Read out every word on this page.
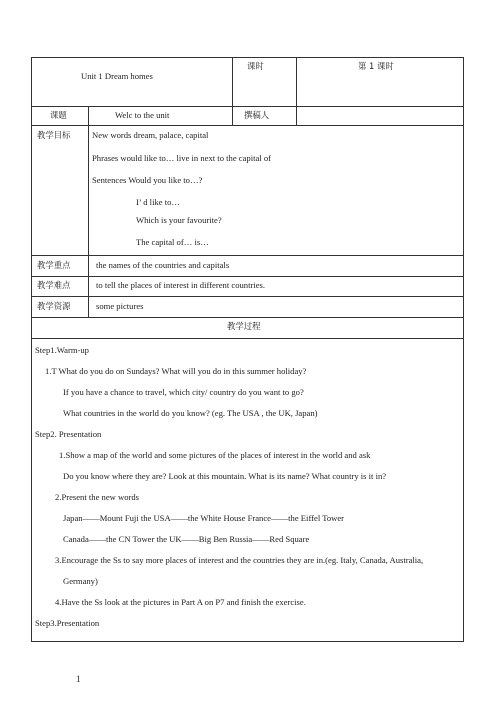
Unit 1 Dream homes
课时	第 1 课时
课题	Welc to the unit	撰稿人
教学目标	New words dream, palace, capital
Phrases would like to… live in next to the capital of
Sentences Would you like to…?
I’ d like to…
Which is your favourite?
The capital of… is…
教学重点	the names of the countries and capitals
教学难点	to tell the places of interest in different countries.
教学资源	some pictures
教学过程
Step1.Warm-up
1.T What do you do on Sundays? What will you do in this summer holiday?
If you have a chance to travel, which city/ country do you want to go?
What countries in the world do you know? (eg. The USA , the UK, Japan)
Step2. Presentation
1.Show a map of the world and some pictures of the places of interest in the world and ask
Do you know where they are? Look at this mountain. What is its name? What country is it in?
2.Present the new words
Japan——Mount Fuji the USA——the White House France——the Eiffel Tower
Canada——the CN Tower the UK——Big Ben Russia——Red Square
3.Encourage the Ss to say more places of interest and the countries they are in.(eg. Italy, Canada, Australia,
Germany)
4.Have the Ss look at the pictures in Part A on P7 and finish the exercise.
Step3.Presentation
1
